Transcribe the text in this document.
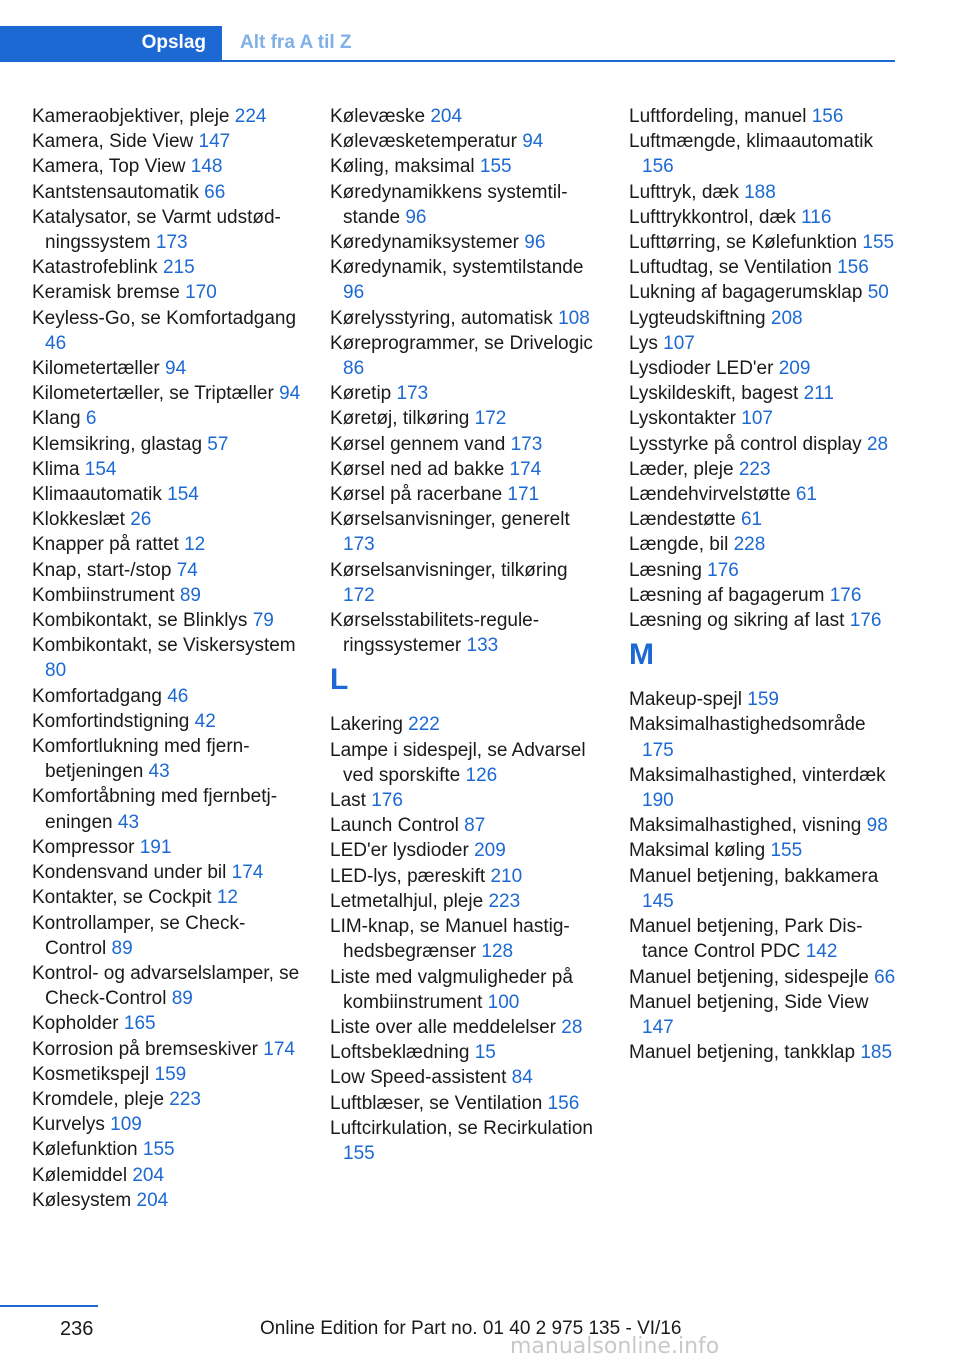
Opslag	Alt fra A til Z
Kameraobjektiver, pleje 224
Kamera, Side View 147
Kamera, Top View 148
Kantstensautomatik 66
Katalysator, se Varmt udstødningssystem 173
Katastrofeblink 215
Keramisk bremse 170
Keyless-Go, se Komfortadgang 46
Kilometertæller 94
Kilometertæller, se Triptæller 94
Klang 6
Klemsikring, glastag 57
Klima 154
Klimaautomatik 154
Klokkeslæt 26
Knapper på rattet 12
Knap, start-/stop 74
Kombiinstrument 89
Kombikontakt, se Blinklys 79
Kombikontakt, se Viskersystem 80
Komfortadgang 46
Komfortindstigning 42
Komfortlukning med fjernbetjeningen 43
Komfortåbning med fjernbetjeningen 43
Kompressor 191
Kondensvand under bil 174
Kontakter, se Cockpit 12
Kontrollamper, se Check-Control 89
Kontrol- og advarselslamper, se Check-Control 89
Kopholder 165
Korrosion på bremseskiver 174
Kosmetikspejl 159
Kromdele, pleje 223
Kurvelys 109
Kølefunktion 155
Kølemiddel 204
Kølesystem 204
Kølevæske 204
Kølevæsketemperatur 94
Køling, maksimal 155
Køredynamikkens systemtilstande 96
Køredynamiksystemer 96
Køredynamik, systemtilstande 96
Kørelysstyring, automatisk 108
Køreprogrammer, se Drivelogic 86
Køretip 173
Køretøj, tilkøring 172
Kørsel gennem vand 173
Kørsel ned ad bakke 174
Kørsel på racerbane 171
Kørselsanvisninger, generelt 173
Kørselsanvisninger, tilkøring 172
Kørselsstabilitets-reguleringssystemer 133
L
Lakering 222
Lampe i sidespejl, se Advarsel ved sporskifte 126
Last 176
Launch Control 87
LED'er lysdioder 209
LED-lys, pæreskift 210
Letmetalhjul, pleje 223
LIM-knap, se Manuel hastighedsbegrænser 128
Liste med valgmuligheder på kombiinstrument 100
Liste over alle meddelelser 28
Loftsbeklædning 15
Low Speed-assistent 84
Luftblæser, se Ventilation 156
Luftcirkulation, se Recirkulation 155
Luftfordeling, manuel 156
Luftmængde, klimaautomatik 156
Lufttryk, dæk 188
Lufttrykkontrol, dæk 116
Lufttørring, se Kølefunktion 155
Luftudtag, se Ventilation 156
Lukning af bagagerumsklap 50
Lygteudskiftning 208
Lys 107
Lysdioder LED'er 209
Lyskildeskift, bagest 211
Lyskontakter 107
Lysstyrke på control display 28
Læder, pleje 223
Lændehvirvelstøtte 61
Lændestøtte 61
Længde, bil 228
Læsning 176
Læsning af bagagerum 176
Læsning og sikring af last 176
M
Makeup-spejl 159
Maksimalhastighedsområde 175
Maksimalhastighed, vinterdæk 190
Maksimalhastighed, visning 98
Maksimal køling 155
Manuel betjening, bakkamera 145
Manuel betjening, Park Distance Control PDC 142
Manuel betjening, sidespejle 66
Manuel betjening, Side View 147
Manuel betjening, tankklap 185
236	Online Edition for Part no. 01 40 2 975 135 - VI/16
manualsonline.info
